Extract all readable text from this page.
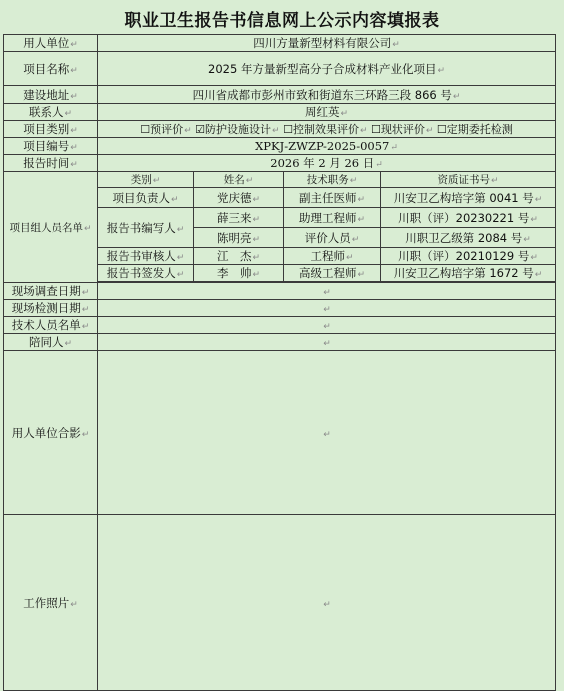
职业卫生报告书信息网上公示内容填报表
用人单位↵	四川方量新型材料有限公司↵			
项目名称↵	2025 年方量新型高分子合成材料产业化项目↵			
建设地址↵	四川省成都市彭州市致和街道东三环路三段 866 号↵			
联系人↵	周红英↵			
项目类别↵	☐预评价↵ ☑防护设施设计↵ ☐控制效果评价↵ ☐现状评价↵ ☐定期委托检测			
项目编号↵	XPKJ-ZWZP-2025-0057↵			
报告时间↵	2026 年 2 月 26 日↵			
项目组人员名单↵	类别↵	姓名↵	技术职务↵	资质证书号↵
	项目负责人↵	党庆德↵	副主任医师↵	川安卫乙构培字第 0041 号↵
	报告书编写人↵	薛三来↵	助理工程师↵	川职（评）20230221 号↵
		陈明亮↵	评价人员↵	川职卫乙级第 2084 号↵
	报告书审核人↵	江　杰↵	工程师↵	川职（评）20210129 号↵
	报告书签发人↵	李　帅↵	高级工程师↵	川安卫乙构培字第 1672 号↵

现场调查日期↵	↵			
现场检测日期↵	↵			
技术人员名单↵	↵			
陪同人↵	↵			
用人单位合影↵	↵			
工作照片↵	↵			
